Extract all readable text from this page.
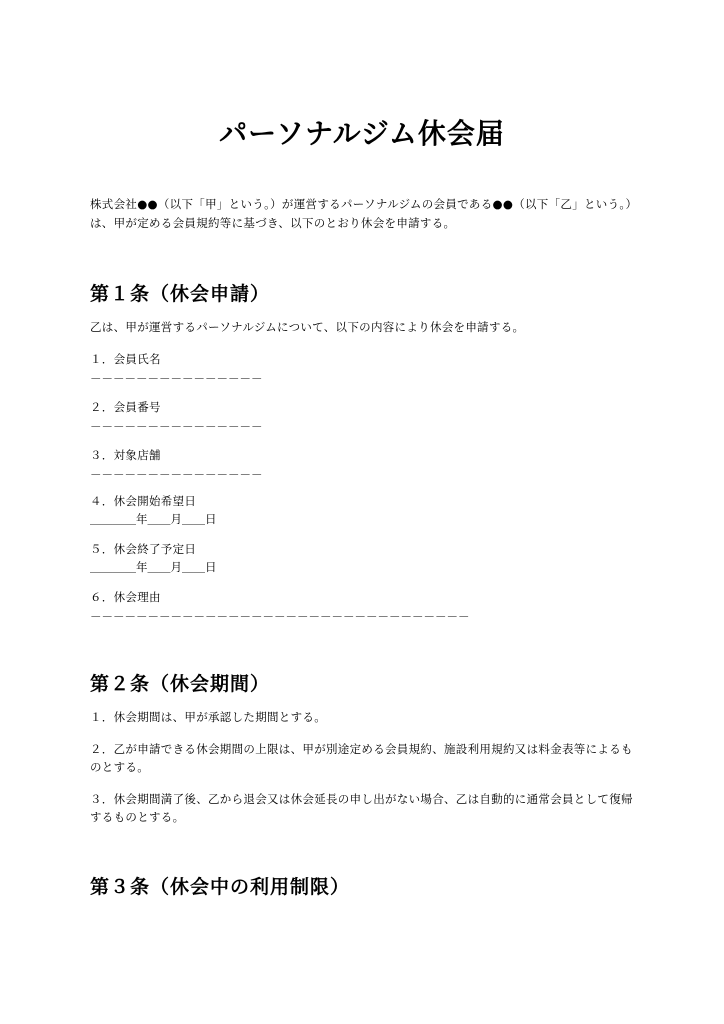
パーソナルジム休会届
株式会社●●（以下「甲」という。）が運営するパーソナルジムの会員である●●（以下「乙」という。）は、甲が定める会員規約等に基づき、以下のとおり休会を申請する。
第１条（休会申請）
乙は、甲が運営するパーソナルジムについて、以下の内容により休会を申請する。
１．会員氏名
－－－－－－－－－－－－－－－
２．会員番号
－－－－－－－－－－－－－－－
３．対象店舗
－－－－－－－－－－－－－－－
４．休会開始希望日
＿＿＿＿年＿＿月＿＿日
５．休会終了予定日
＿＿＿＿年＿＿月＿＿日
６．休会理由
－－－－－－－－－－－－－－－－－－－－－－－－－－－－－－－－－
第２条（休会期間）
１．休会期間は、甲が承認した期間とする。
２．乙が申請できる休会期間の上限は、甲が別途定める会員規約、施設利用規約又は料金表等によるものとする。
３．休会期間満了後、乙から退会又は休会延長の申し出がない場合、乙は自動的に通常会員として復帰するものとする。
第３条（休会中の利用制限）
